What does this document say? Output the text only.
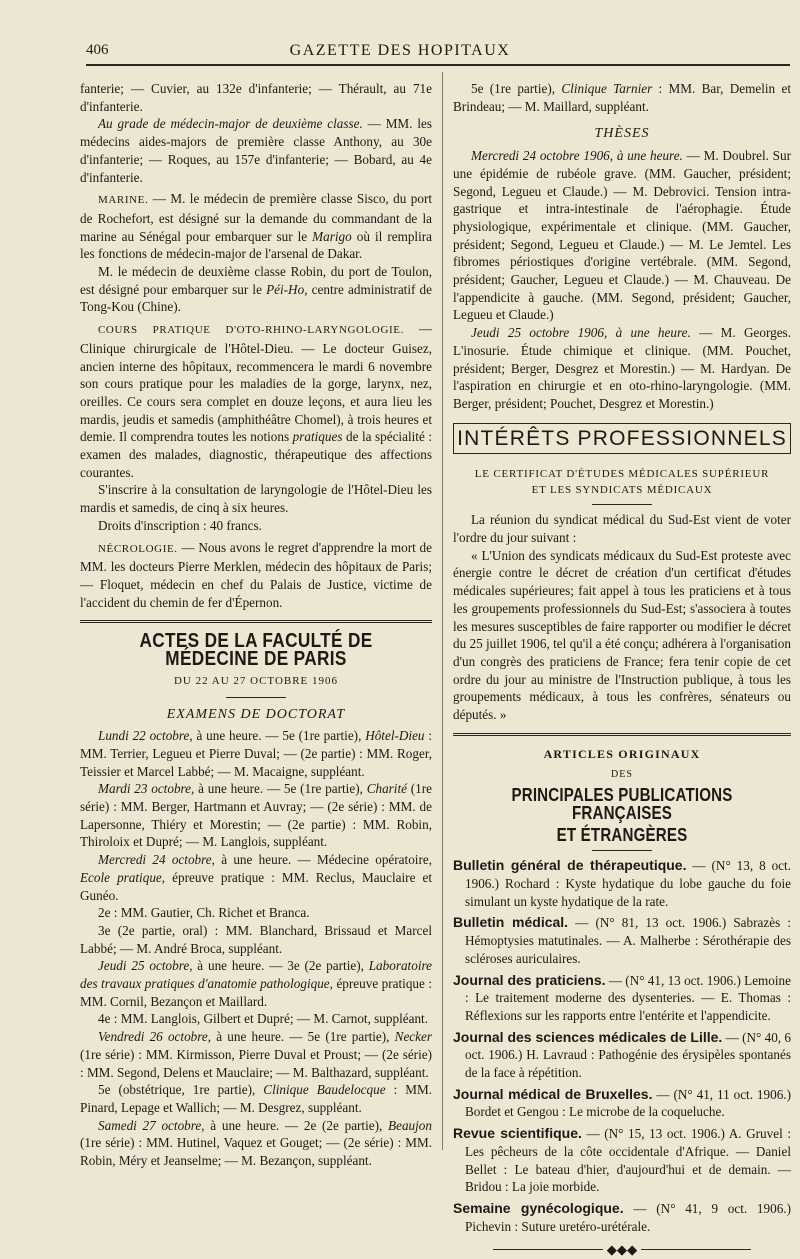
406	GAZETTE DES HOPITAUX

fanterie; — Cuvier, au 132e d'infanterie; — Thérault, au 71e d'infanterie.

Au grade de médecin-major de deuxième classe. — MM. les médecins aides-majors de première classe Anthony, au 30e d'infanterie; — Roques, au 157e d'infanterie; — Bobard, au 4e d'infanterie.

MARINE. — M. le médecin de première classe Sisco, du port de Rochefort, est désigné sur la demande du commandant de la marine au Sénégal pour embarquer sur le Marigo où il remplira les fonctions de médecin-major de l'arsenal de Dakar.

M. le médecin de deuxième classe Robin, du port de Toulon, est désigné pour embarquer sur le Péi-Ho, centre administratif de Tong-Kou (Chine).

COURS PRATIQUE D'OTO-RHINO-LARYNGOLOGIE. — Clinique chirurgicale de l'Hôtel-Dieu. — Le docteur Guisez, ancien interne des hôpitaux, recommencera le mardi 6 novembre son cours pratique pour les maladies de la gorge, larynx, nez, oreilles. Ce cours sera complet en douze leçons, et aura lieu les mardis, jeudis et samedis (amphithéâtre Chomel), à trois heures et demie. Il comprendra toutes les notions pratiques de la spécialité : examen des malades, diagnostic, thérapeutique des affections courantes.

S'inscrire à la consultation de laryngologie de l'Hôtel-Dieu les mardis et samedis, de cinq à six heures.

Droits d'inscription : 40 francs.

NÉCROLOGIE. — Nous avons le regret d'apprendre la mort de MM. les docteurs Pierre Merklen, médecin des hôpitaux de Paris; — Floquet, médecin en chef du Palais de Justice, victime de l'accident du chemin de fer d'Épernon.

ACTES DE LA FACULTÉ DE MÉDECINE DE PARIS
DU 22 AU 27 OCTOBRE 1906
EXAMENS DE DOCTORAT

Lundi 22 octobre, à une heure. — 5e (1re partie), Hôtel-Dieu : MM. Terrier, Legueu et Pierre Duval; — (2e partie) : MM. Roger, Teissier et Marcel Labbé; — M. Macaigne, suppléant.

Mardi 23 octobre, à une heure. — 5e (1re partie), Charité (1re série) : MM. Berger, Hartmann et Auvray; — (2e série) : MM. de Lapersonne, Thiéry et Morestin; — (2e partie) : MM. Robin, Thiroloix et Dupré; — M. Langlois, suppléant.

Mercredi 24 octobre, à une heure. — Médecine opératoire, Ecole pratique, épreuve pratique : MM. Reclus, Mauclaire et Gunéo.

2e : MM. Gautier, Ch. Richet et Branca.

3e (2e partie, oral) : MM. Blanchard, Brissaud et Marcel Labbé; — M. André Broca, suppléant.

Jeudi 25 octobre, à une heure. — 3e (2e partie), Laboratoire des travaux pratiques d'anatomie pathologique, épreuve pratique : MM. Cornil, Bezançon et Maillard.

4e : MM. Langlois, Gilbert et Dupré; — M. Carnot, suppléant.

Vendredi 26 octobre, à une heure. — 5e (1re partie), Necker (1re série) : MM. Kirmisson, Pierre Duval et Proust; — (2e série) : MM. Segond, Delens et Mauclaire; — M. Balthazard, suppléant.

5e (obstétrique, 1re partie), Clinique Baudelocque : MM. Pinard, Lepage et Wallich; — M. Desgrez, suppléant.

Samedi 27 octobre, à une heure. — 2e (2e partie), Beaujon (1re série) : MM. Hutinel, Vaquez et Gouget; — (2e série) : MM. Robin, Méry et Jeanselme; — M. Bezançon, suppléant.

5e (1re partie), Clinique Tarnier : MM. Bar, Demelin et Brindeau; — M. Maillard, suppléant.

THÈSES

Mercredi 24 octobre 1906, à une heure. — M. Doubrel. Sur une épidémie de rubéole grave. (MM. Gaucher, président; Segond, Legueu et Claude.) — M. Debrovici. Tension intra-gastrique et intra-intestinale de l'aérophagie. Étude physiologique, expérimentale et clinique. (MM. Gaucher, président; Segond, Legueu et Claude.) — M. Le Jemtel. Les fibromes périostiques d'origine vertébrale. (MM. Segond, président; Gaucher, Legueu et Claude.) — M. Chauveau. De l'appendicite à gauche. (MM. Segond, président; Gaucher, Legueu et Claude.)

Jeudi 25 octobre 1906, à une heure. — M. Georges. L'inosurie. Étude chimique et clinique. (MM. Pouchet, président; Berger, Desgrez et Morestin.) — M. Hardyan. De l'aspiration en chirurgie et en oto-rhino-laryngologie. (MM. Berger, président; Pouchet, Desgrez et Morestin.)

INTÉRÊTS PROFESSIONNELS
LE CERTIFICAT D'ÉTUDES MÉDICALES SUPÉRIEUR
ET LES SYNDICATS MÉDICAUX

La réunion du syndicat médical du Sud-Est vient de voter l'ordre du jour suivant :

« L'Union des syndicats médicaux du Sud-Est proteste avec énergie contre le décret de création d'un certificat d'études médicales supérieures; fait appel à tous les praticiens et à tous les groupements professionnels du Sud-Est; s'associera à toutes les mesures susceptibles de faire rapporter ou modifier le décret du 25 juillet 1906, tel qu'il a été conçu; adhérera à l'organisation d'un congrès des praticiens de France; fera tenir copie de cet ordre du jour au ministre de l'Instruction publique, à tous les groupements médicaux, à tous les confrères, sénateurs ou députés. »

ARTICLES ORIGINAUX
DES
PRINCIPALES PUBLICATIONS FRANÇAISES
ET ÉTRANGÈRES

Bulletin général de thérapeutique. — (N° 13, 8 oct. 1906.) Rochard : Kyste hydatique du lobe gauche du foie simulant un kyste hydatique de la rate.

Bulletin médical. — (N° 81, 13 oct. 1906.) Sabrazès : Hémoptysies matutinales. — A. Malherbe : Sérothérapie des scléroses auriculaires.

Journal des praticiens. — (N° 41, 13 oct. 1906.) Lemoine : Le traitement moderne des dysenteries. — E. Thomas : Réflexions sur les rapports entre l'entérite et l'appendicite.

Journal des sciences médicales de Lille. — (N° 40, 6 oct. 1906.) H. Lavraud : Pathogénie des érysipèles spontanés de la face à répétition.

Journal médical de Bruxelles. — (N° 41, 11 oct. 1906.) Bordet et Gengou : Le microbe de la coqueluche.

Revue scientifique. — (N° 15, 13 oct. 1906.) A. Gruvel : Les pêcheurs de la côte occidentale d'Afrique. — Daniel Bellet : Le bateau d'hier, d'aujourd'hui et de demain. — Bridou : La joie morbide.

Semaine gynécologique. — (N° 41, 9 oct. 1906.) Pichevin : Suture uretéro-urétérale.

◆◆◆
